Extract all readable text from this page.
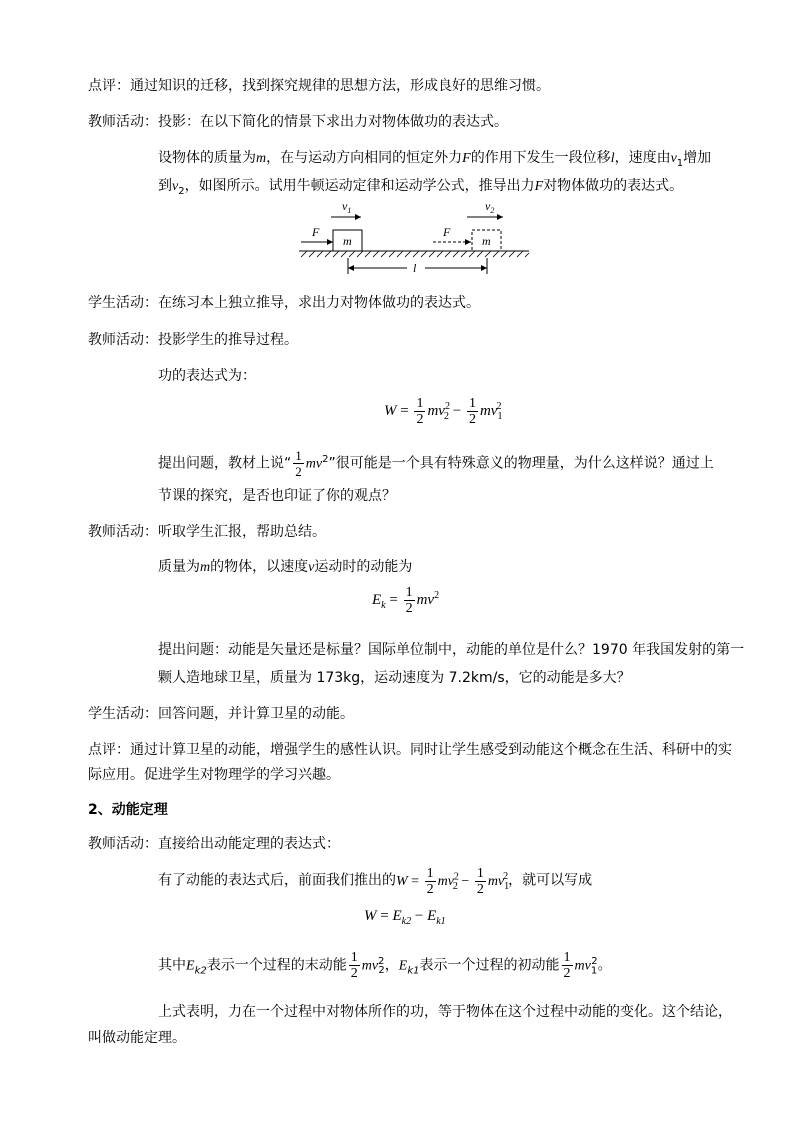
点评：通过知识的迁移，找到探究规律的思想方法，形成良好的思维习惯。
教师活动：投影：在以下简化的情景下求出力对物体做功的表达式。
设物体的质量为m，在与运动方向相同的恒定外力F的作用下发生一段位移l，速度由$v_1$增加
到$v_2$，如图所示。试用牛顿运动定律和运动学公式，推导出力F对物体做功的表达式。
$v_1$	$v_2$
F
m
F
m
l
学生活动：在练习本上独立推导，求出力对物体做功的表达式。
教师活动：投影学生的推导过程。
功的表达式为：
$W = \frac{1}{2} mv^2_2 - \frac{1}{2} mv_1^2$
提出问题，教材上说“ $\frac{1}{2} mv^2$”很可能是一个具有特殊意义的物理量，为什么这样说？通过上
节课的探究，是否也印证了你的观点？
教师活动：听取学生汇报，帮助总结。
质量为m的物体，以速度v运动时的动能为
$E_k = \frac{1}{2} mv^2$
提出问题：动能是矢量还是标量？国际单位制中，动能的单位是什么？1970 年我国发射的第一
颗人造地球卫星，质量为 173kg，运动速度为 7.2km/s，它的动能是多大？
学生活动：回答问题，并计算卫星的动能。
点评：通过计算卫星的动能，增强学生的感性认识。同时让学生感受到动能这个概念在生活、科研中的实
际应用。促进学生对物理学的学习兴趣。
2、动能定理
教师活动：直接给出动能定理的表达式：
有了动能的表达式后，前面我们推出的$W = \frac{1}{2} mv^2_2 - \frac{1}{2} mv_1^2$，就可以写成
$W = E_{k2} - E_{k1}$
其中$E_{k2}$表示一个过程的末动能 $\frac{1}{2} mv^2_2$，$E_{k1}$表示一个过程的初动能 $\frac{1}{2} mv_1^2$。
上式表明，力在一个过程中对物体所作的功，等于物体在这个过程中动能的变化。这个结论，
叫做动能定理。
